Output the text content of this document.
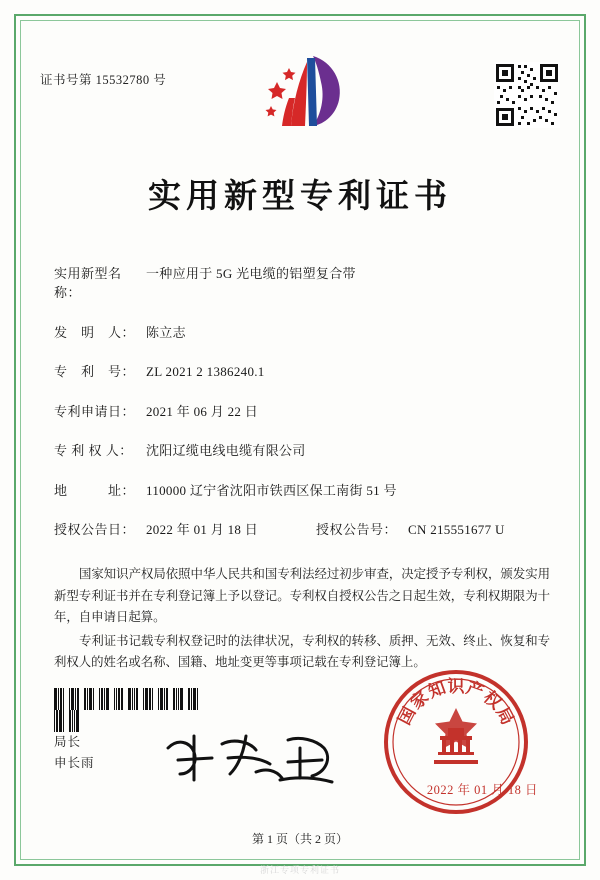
证书号第 15532780 号
实用新型专利证书
实用新型名称：
一种应用于 5G 光电缆的铝塑复合带
发　明　人： 陈立志
专　利　号： ZL 2021 2 1386240.1
专利申请日： 2021 年 06 月 22 日
专 利 权 人：	沈阳辽缆电线电缆有限公司
地　　　址： 110000 辽宁省沈阳市铁西区保工南街 51 号
授权公告日： 2022 年 01 月 18 日	授权公告号： CN 215551677 U

国家知识产权局依照中华人民共和国专利法经过初步审查，决定授予专利权，颁发实用新型专利证书并在专利登记簿上予以登记。专利权自授权公告之日起生效，专利权期限为十年，自申请日起算。

专利证书记载专利权登记时的法律状况，专利权的转移、质押、无效、终止、恢复和专利权人的姓名或名称、国籍、地址变更等事项记载在专利登记簿上。

局长
申长雨
国
家
知 识 产
权
局
2022 年 01 月 18 日
第 1 页（共 2 页）
浙江专项专利证书
